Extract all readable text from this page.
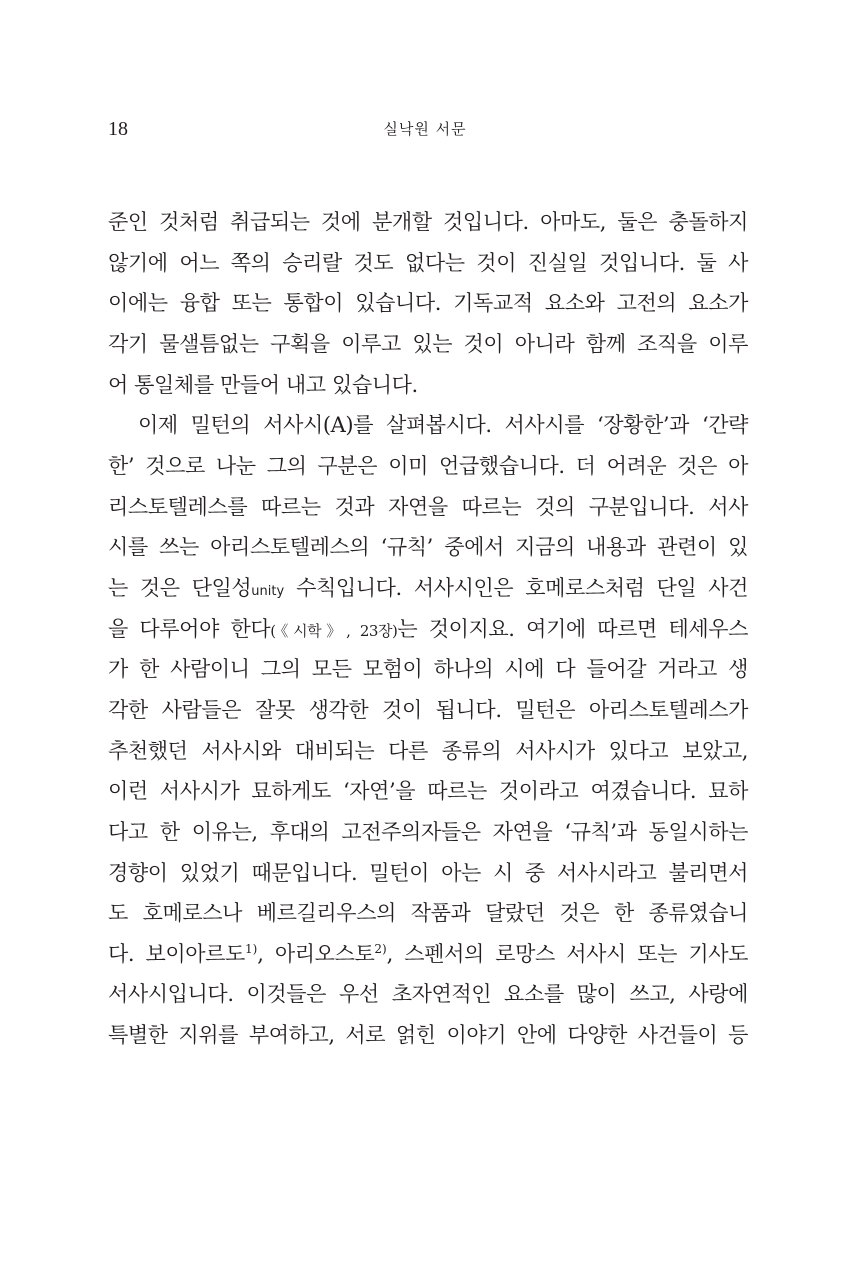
18	실낙원 서문
준인 것처럼 취급되는 것에 분개할 것입니다. 아마도, 둘은 충돌하지
않기에 어느 쪽의 승리랄 것도 없다는 것이 진실일 것입니다. 둘 사
이에는 융합 또는 통합이 있습니다. 기독교적 요소와 고전의 요소가
각기 물샐틈없는 구획을 이루고 있는 것이 아니라 함께 조직을 이루
어 통일체를 만들어 내고 있습니다.
이제 밀턴의 서사시(A)를 살펴봅시다. 서사시를 ‘장황한’과 ‘간략
한’ 것으로 나눈 그의 구분은 이미 언급했습니다. 더 어려운 것은 아
리스토텔레스를 따르는 것과 자연을 따르는 것의 구분입니다. 서사
시를 쓰는 아리스토텔레스의 ‘규칙’ 중에서 지금의 내용과 관련이 있
는 것은 단일성unity 수칙입니다. 서사시인은 호메로스처럼 단일 사건
을 다루어야 한다(《시학》, 23장)는 것이지요. 여기에 따르면 테세우스
가 한 사람이니 그의 모든 모험이 하나의 시에 다 들어갈 거라고 생
각한 사람들은 잘못 생각한 것이 됩니다. 밀턴은 아리스토텔레스가
추천했던 서사시와 대비되는 다른 종류의 서사시가 있다고 보았고,
이런 서사시가 묘하게도 ‘자연’을 따르는 것이라고 여겼습니다. 묘하
다고 한 이유는, 후대의 고전주의자들은 자연을 ‘규칙’과 동일시하는
경향이 있었기 때문입니다. 밀턴이 아는 시 중 서사시라고 불리면서
도 호메로스나 베르길리우스의 작품과 달랐던 것은 한 종류였습니
다. 보이아르도$^{1)}$, 아리오스토$^{2)}$, 스펜서의 로망스 서사시 또는 기사도
서사시입니다. 이것들은 우선 초자연적인 요소를 많이 쓰고, 사랑에
특별한 지위를 부여하고, 서로 얽힌 이야기 안에 다양한 사건들이 등
